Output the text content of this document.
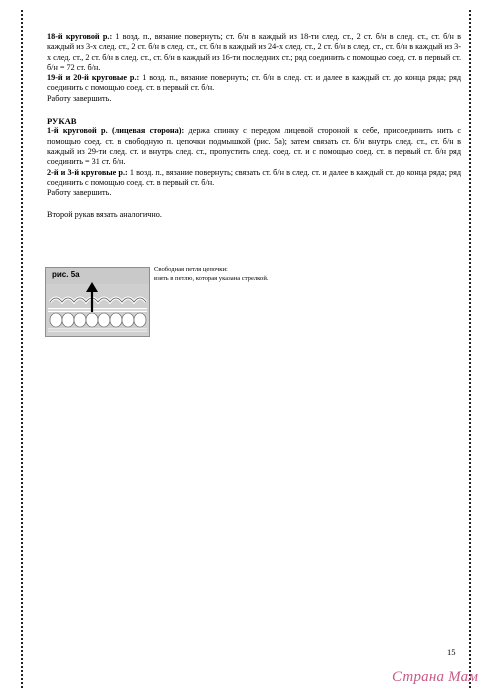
18-й круговой р.: 1 возд. п., вязание повернуть; ст. б/н в каждый из 18-ти след. ст., 2 ст. б/н в след. ст., ст. б/н в каждый из 3-х след. ст., 2 ст. б/н в след. ст., ст. б/н в каждый из 24-х след. ст., 2 ст. б/н в след. ст., ст. б/н в каждый из 3-х след. ст., 2 ст. б/н в след. ст., ст. б/н в каждый из 16-ти последних ст.; ряд соединить с помощью соед. ст. в первый ст. б/н = 72 ст. б/н.

19-й и 20-й круговые р.: 1 возд. п., вязание повернуть; ст. б/н в след. ст. и далее в каждый ст. до конца ряда; ряд соединить с помощью соед. ст. в первый ст. б/н.

Работу завершить.

РУКАВ

1-й круговой р. (лицевая сторона): держа спинку с передом лицевой стороной к себе, присоединить нить с помощью соед. ст. в свободную п. цепочки подмышкой (рис. 5а); затем связать ст. б/н внутрь след. ст., ст. б/н в каждый из 29-ти след. ст. и внутрь след. ст., пропустить след. соед. ст. и с помощью соед. ст. в первый ст. б/н ряд соединить = 31 ст. б/н.

2-й и 3-й круговые р.: 1 возд. п., вязание повернуть; связать ст. б/н в след. ст. и далее в каждый ст. до конца ряда; ряд соединить с помощью соед. ст. в первый ст. б/н.

Работу завершить.

Второй рукав вязать аналогично.

рис. 5а
Свободная петля цепочки:
взять в петлю, которая указана стрелкой.
15
Страна Мам
